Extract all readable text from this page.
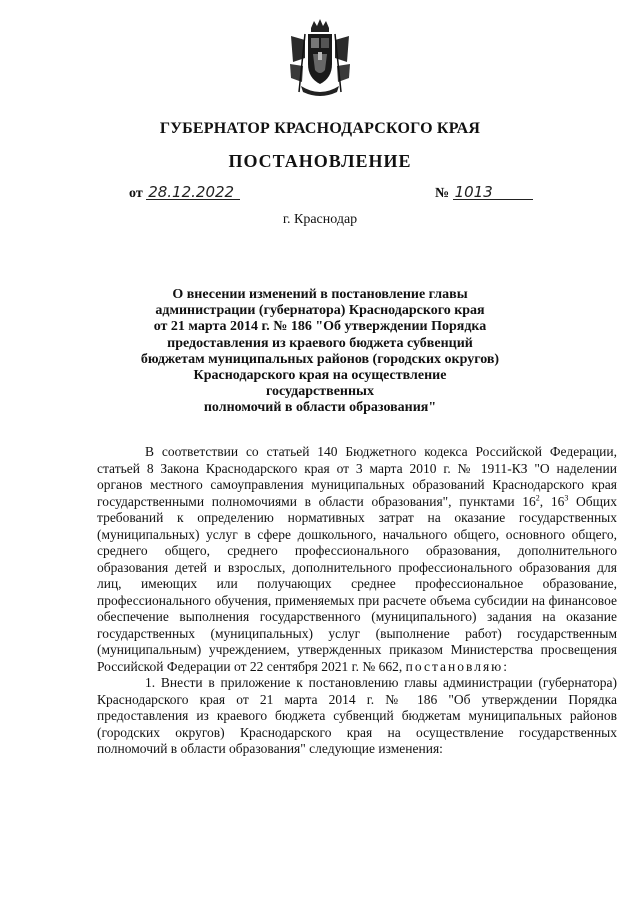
ГУБЕРНАТОР КРАСНОДАРСКОГО КРАЯ
ПОСТАНОВЛЕНИЕ
от 28.12.2022	№ 1013
г. Краснодар
О внесении изменений в постановление главы
администрации (губернатора) Краснодарского края
от 21 марта 2014 г. № 186 "Об утверждении Порядка
предоставления из краевого бюджета субвенций
бюджетам муниципальных районов (городских округов)
Краснодарского края на осуществление государственных
полномочий в области образования"

В соответствии со статьей 140 Бюджетного кодекса Российской Федерации, статьей 8 Закона Краснодарского края от 3 марта 2010 г. № 1911-КЗ "О наделении органов местного самоуправления муниципальных образований Краснодарского края государственными полномочиями в области образования", пунктами $16^2$, $16^3$ Общих требований к определению нормативных затрат на оказание государственных (муниципальных) услуг в сфере дошкольного, начального общего, основного общего, среднего общего, среднего профессионального образования, дополнительного образования детей и взрослых, дополнительного профессионального образования для лиц, имеющих или получающих среднее профессиональное образование, профессионального обучения, применяемых при расчете объема субсидии на финансовое обеспечение выполнения государственного (муниципального) задания на оказание государственных (муниципальных) услуг (выполнение работ) государственным (муниципальным) учреждением, утвержденных приказом Министерства просвещения Российской Федерации от 22 сентября 2021 г. № 662, постановляю:

1. Внести в приложение к постановлению главы администрации (губернатора) Краснодарского края от 21 марта 2014 г. № 186 "Об утверждении Порядка предоставления из краевого бюджета субвенций бюджетам муниципальных районов (городских округов) Краснодарского края на осуществление государственных полномочий в области образования" следующие изменения:
